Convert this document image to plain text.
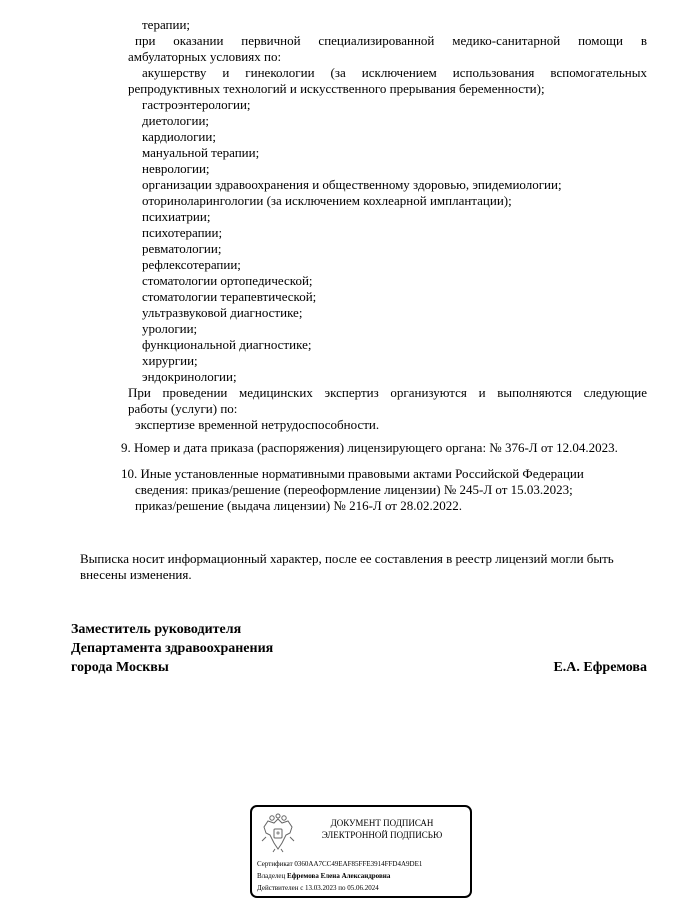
терапии;
при оказании первичной специализированной медико-санитарной помощи в
амбулаторных условиях по:
акушерству и гинекологии (за исключением использования вспомогательных
репродуктивных технологий и искусственного прерывания беременности);
гастроэнтерологии;
диетологии;
кардиологии;
мануальной терапии;
неврологии;
организации здравоохранения и общественному здоровью, эпидемиологии;
оториноларингологии (за исключением кохлеарной имплантации);
психиатрии;
психотерапии;
ревматологии;
рефлексотерапии;
стоматологии ортопедической;
стоматологии терапевтической;
ультразвуковой диагностике;
урологии;
функциональной диагностике;
хирургии;
эндокринологии;
При проведении медицинских экспертиз организуются и выполняются следующие
работы (услуги) по:
экспертизе временной нетрудоспособности.
9. Номер и дата приказа (распоряжения) лицензирующего органа: № 376-Л от 12.04.2023.
10. Иные установленные нормативными правовыми актами Российской Федерации
сведения: приказ/решение (переоформление лицензии) № 245-Л от 15.03.2023;
приказ/решение (выдача лицензии) № 216-Л от 28.02.2022.
Выписка носит информационный характер, после ее составления в реестр лицензий могли быть
внесены изменения.
Заместитель руководителя
Департамента здравоохранения
города Москвы	Е.А. Ефремова
ДОКУМЕНТ ПОДПИСАН
ЭЛЕКТРОННОЙ ПОДПИСЬЮ
Сертификат 0360AA7CC49EAF85FFE3914FFD4A9DE1
Владелец Ефремова Елена Александровна
Действителен с 13.03.2023 по 05.06.2024
